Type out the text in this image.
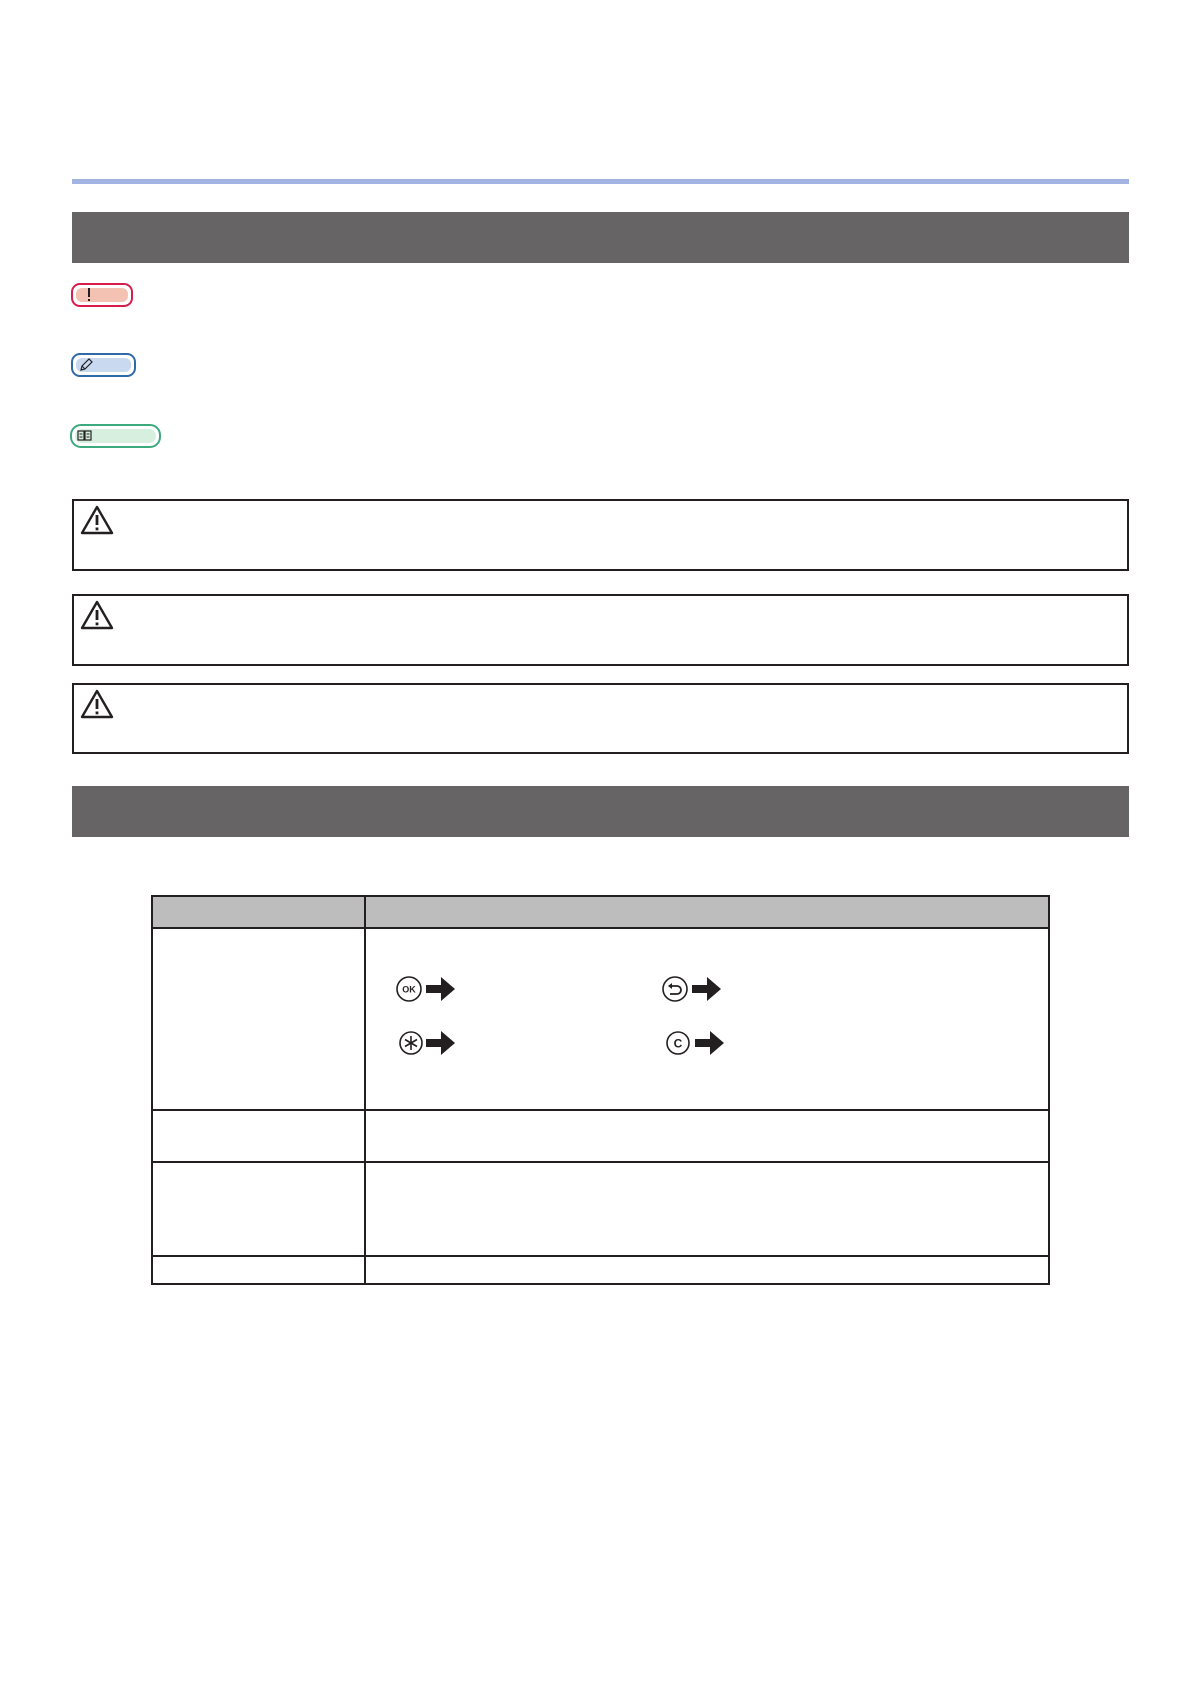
OK
C
